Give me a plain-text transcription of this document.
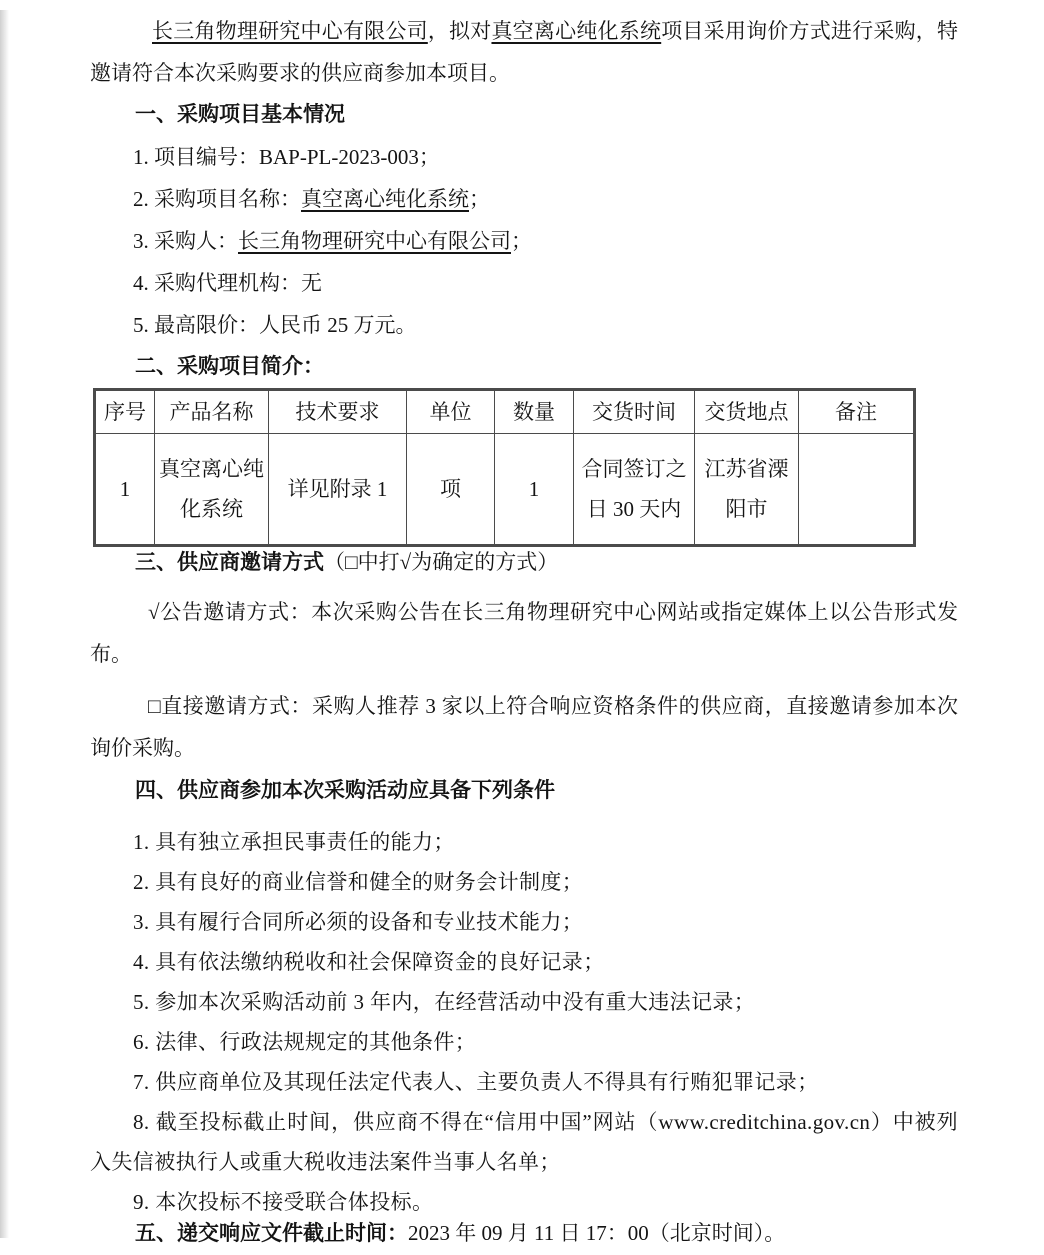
长三角物理研究中心有限公司，拟对真空离心纯化系统项目采用询价方式进行采购，特邀请符合本次采购要求的供应商参加本项目。
一、采购项目基本情况
1. 项目编号：BAP-PL-2023-003；
2. 采购项目名称：真空离心纯化系统；
3. 采购人：长三角物理研究中心有限公司；
4. 采购代理机构：无
5. 最高限价：人民币 25 万元。
二、采购项目简介：
序号	产品名称	技术要求	单位	数量	交货时间	交货地点	备注
1	真空离心纯化系统	详见附录 1	项	1	合同签订之日 30 天内	江苏省溧阳市	
三、供应商邀请方式（□中打√为确定的方式）
√公告邀请方式：本次采购公告在长三角物理研究中心网站或指定媒体上以公告形式发布。
□直接邀请方式：采购人推荐 3 家以上符合响应资格条件的供应商，直接邀请参加本次询价采购。
四、供应商参加本次采购活动应具备下列条件
1. 具有独立承担民事责任的能力；
2. 具有良好的商业信誉和健全的财务会计制度；
3. 具有履行合同所必须的设备和专业技术能力；
4. 具有依法缴纳税收和社会保障资金的良好记录；
5. 参加本次采购活动前 3 年内，在经营活动中没有重大违法记录；
6. 法律、行政法规规定的其他条件；
7. 供应商单位及其现任法定代表人、主要负责人不得具有行贿犯罪记录；
8. 截至投标截止时间，供应商不得在“信用中国”网站（www.creditchina.gov.cn）中被列入失信被执行人或重大税收违法案件当事人名单；
9. 本次投标不接受联合体投标。
五、递交响应文件截止时间：2023 年 09 月 11 日 17：00（北京时间）。
